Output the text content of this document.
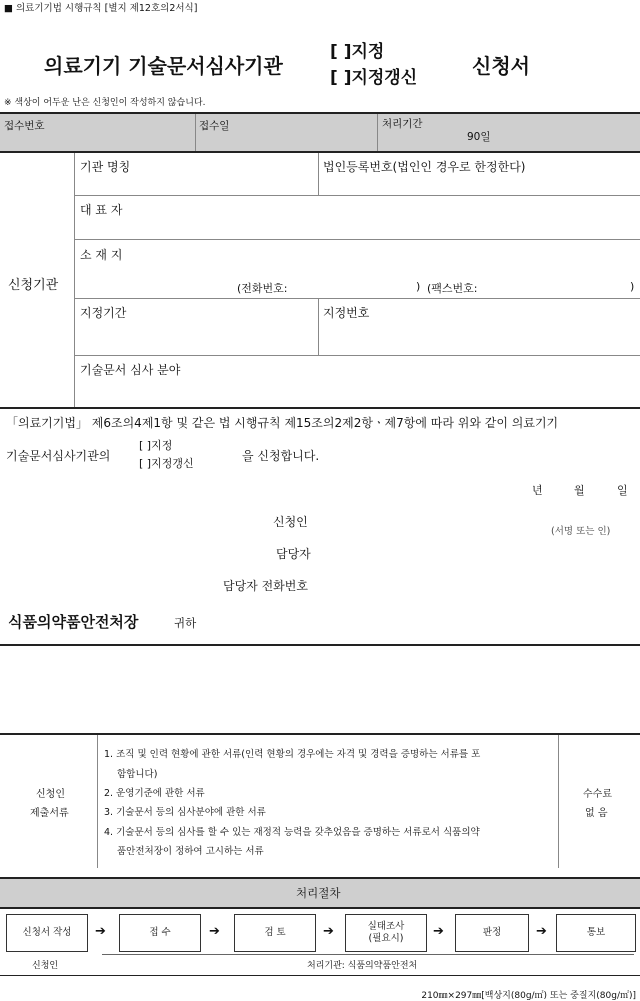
■ 의료기기법 시행규칙 [별지 제12호의2서식]
의료기기 기술문서심사기관
[ ]지정
[ ]지정갱신	신청서
※ 색상이 어두운 난은 신청인이 작성하지 않습니다.
접수번호	접수일	처리기간
90일
신청기관
기관 명칭	법인등록번호(법인인 경우로 한정한다)
대 표 자
소 재 지
(전화번호:	) (팩스번호:	)
지정기간	지정번호
기술문서 심사 분야
「의료기기법」 제6조의4제1항 및 같은 법 시행규칙 제15조의2제2항ㆍ제7항에 따라 위와 같이 의료기기
기술문서심사기관의
[ ]지정
[ ]지정갱신
을 신청합니다.
년	월	일
신청인
(서명 또는 인)
담당자
담당자 전화번호
식품의약품안전처장	귀하
신청인
제출서류
1. 조직 및 인력 현황에 관한 서류(인력 현황의 경우에는 자격 및 경력을 증명하는 서류를 포
함합니다)
2. 운영기준에 관한 서류
3. 기술문서 등의 심사분야에 관한 서류
4. 기술문서 등의 심사를 할 수 있는 재정적 능력을 갖추었음을 증명하는 서류로서 식품의약
품안전처장이 정하여 고시하는 서류
수수료
없 음
처리절차
신청서 작성	➔	접 수	➔	검 토	➔	실태조사
(필요시) ➔	판정	➔	통보
신청인	처리기관: 식품의약품안전처
210㎜×297㎜[백상지(80g/㎡) 또는 중질지(80g/㎡)]
